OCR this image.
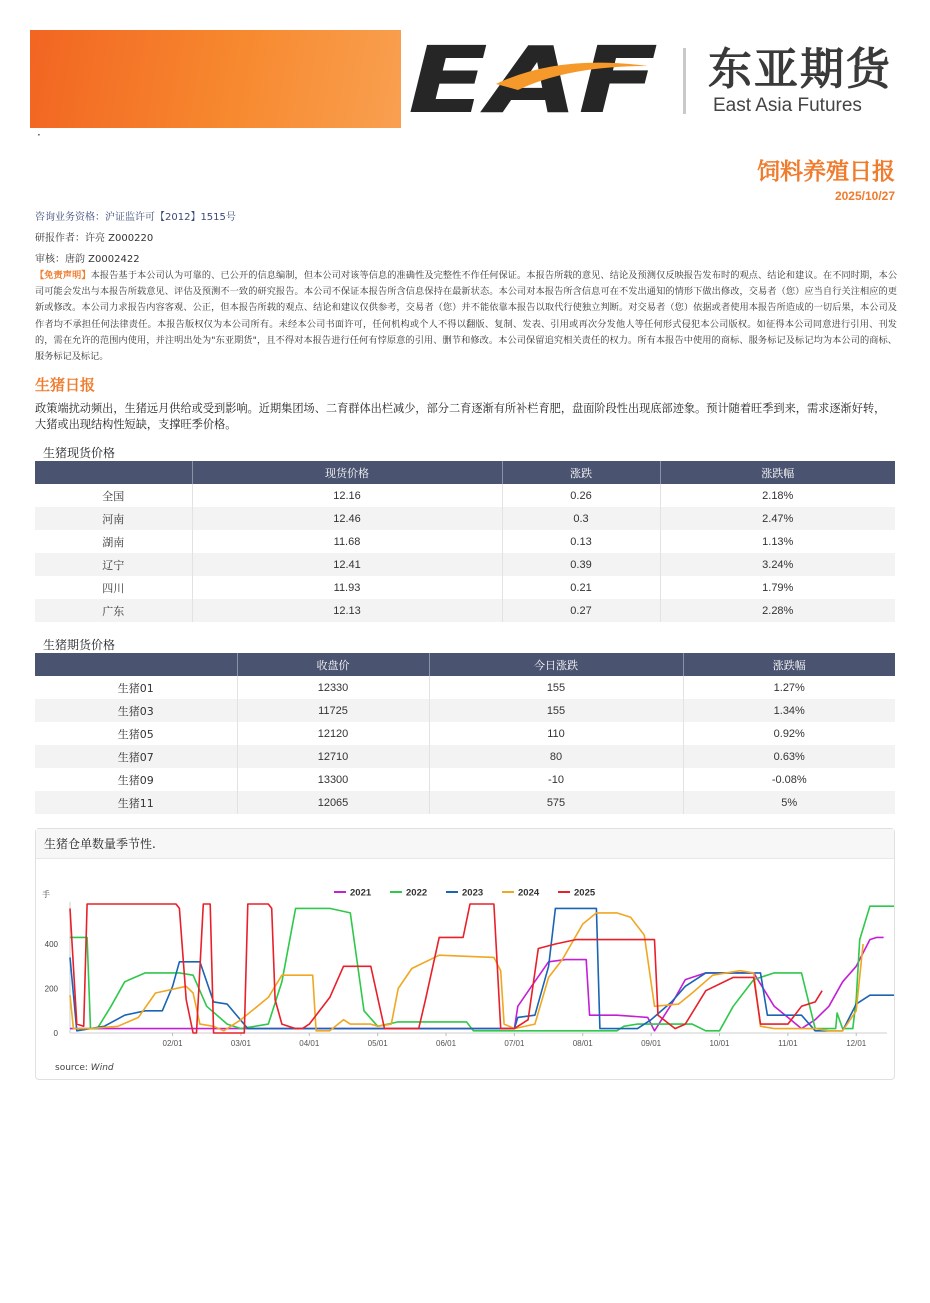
·
EAF 东亚期货
East Asia Futures
饲料养殖日报
2025/10/27
咨询业务资格：沪证监许可【2012】1515号
研报作者：许亮 Z000220
审核：唐韵 Z0002422
【免责声明】本报告基于本公司认为可靠的、已公开的信息编制，但本公司对该等信息的准确性及完整性不作任何保证。本报告所载的意见、结论及预测仅反映报告发布时的观点、结论和建议。在不同时期，本公司可能会发出与本报告所载意见、评估及预测不一致的研究报告。本公司不保证本报告所含信息保持在最新状态。本公司对本报告所含信息可在不发出通知的情形下做出修改，交易者（您）应当自行关注相应的更新或修改。本公司力求报告内容客观、公正，但本报告所载的观点、结论和建议仅供参考，交易者（您）并不能依靠本报告以取代行使独立判断。对交易者（您）依据或者使用本报告所造成的一切后果，本公司及作者均不承担任何法律责任。本报告版权仅为本公司所有。未经本公司书面许可，任何机构或个人不得以翻版、复制、发表、引用或再次分发他人等任何形式侵犯本公司版权。如征得本公司同意进行引用、刊发的，需在允许的范围内使用，并注明出处为"东亚期货"，且不得对本报告进行任何有悖原意的引用、删节和修改。本公司保留追究相关责任的权力。所有本报告中使用的商标、服务标记及标记均为本公司的商标、服务标记及标记。
生猪日报
政策端扰动频出，生猪远月供给或受到影响。近期集团场、二育群体出栏减少，部分二育逐渐有所补栏育肥，盘面阶段性出现底部迹象。预计随着旺季到来，需求逐渐好转，大猪或出现结构性短缺，支撑旺季价格。
生猪现货价格
	现货价格	涨跌	涨跌幅
全国	12.16	0.26	2.18%
河南	12.46	0.3	2.47%
湖南	11.68	0.13	1.13%
辽宁	12.41	0.39	3.24%
四川	11.93	0.21	1.79%
广东	12.13	0.27	2.28%
生猪期货价格
	收盘价	今日涨跌	涨跌幅
生猪01	12330	155	1.27%
生猪03	11725	155	1.34%
生猪05	12120	110	0.92%
生猪07	12710	80	0.63%
生猪09	13300	-10	-0.08%
生猪11	12065	575	5%
生猪仓单数量季节性.
手
0
200
400
02/01	03/01	04/01	05/01	06/01	07/01	08/01	09/01	10/01	11/01	12/01
2021	2022	2023	2024	2025
source: Wind
